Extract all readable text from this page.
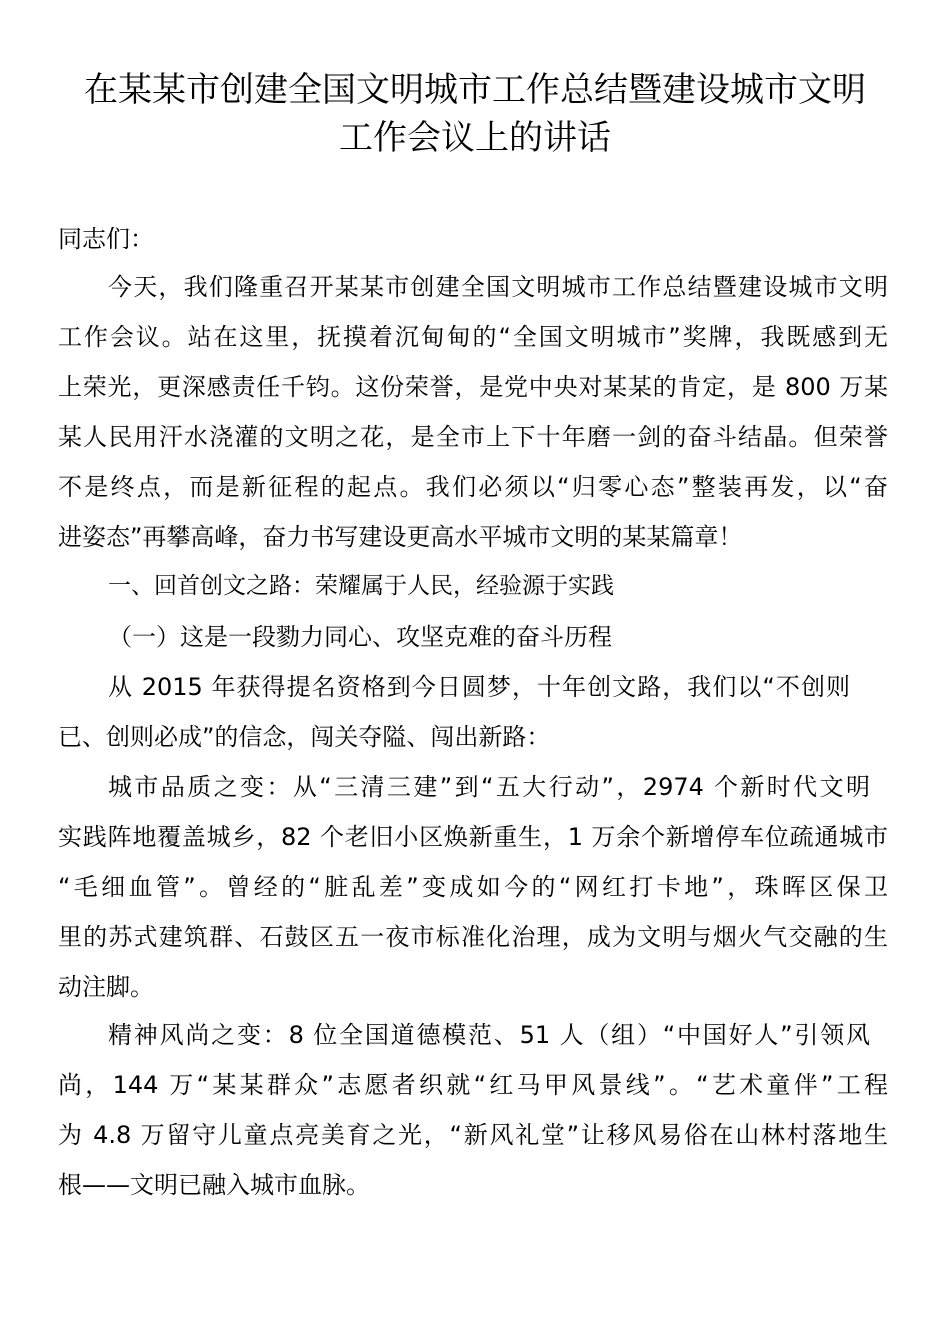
在某某市创建全国文明城市工作总结暨建设城市文明
工作会议上的讲话

同志们：

今天，我们隆重召开某某市创建全国文明城市工作总结暨建设城市文明

工作会议。站在这里，抚摸着沉甸甸的“全国文明城市”奖牌，我既感到无

上荣光，更深感责任千钧。这份荣誉，是党中央对某某的肯定，是 800 万某

某人民用汗水浇灌的文明之花，是全市上下十年磨一剑的奋斗结晶。但荣誉

不是终点，而是新征程的起点。我们必须以“归零心态”整装再发，以“奋

进姿态”再攀高峰，奋力书写建设更高水平城市文明的某某篇章！

一、回首创文之路：荣耀属于人民，经验源于实践

（一）这是一段勠力同心、攻坚克难的奋斗历程

从 2015 年获得提名资格到今日圆梦，十年创文路，我们以“不创则

已、创则必成”的信念，闯关夺隘、闯出新路：

城市品质之变：从“三清三建”到“五大行动”，2974 个新时代文明

实践阵地覆盖城乡，82 个老旧小区焕新重生，1 万余个新增停车位疏通城市

“毛细血管”。曾经的“脏乱差”变成如今的“网红打卡地”，珠晖区保卫

里的苏式建筑群、石鼓区五一夜市标准化治理，成为文明与烟火气交融的生

动注脚。

精神风尚之变：8 位全国道德模范、51 人（组）“中国好人”引领风

尚，144 万“某某群众”志愿者织就“红马甲风景线”。“艺术童伴”工程

为 4.8 万留守儿童点亮美育之光，“新风礼堂”让移风易俗在山林村落地生

根——文明已融入城市血脉。
